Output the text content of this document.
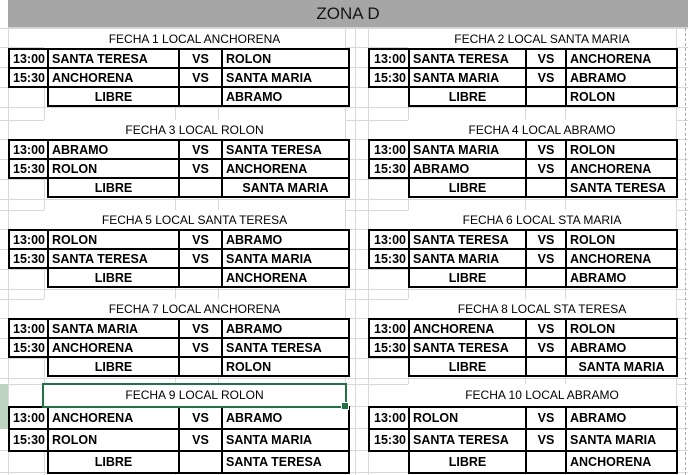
ZONA D
FECHA 1 LOCAL ANCHORENA
13:00	SANTA TERESA	VS	ROLON
15:30	ANCHORENA	VS	SANTA MARIA
	LIBRE		ABRAMO
FECHA 2 LOCAL SANTA MARIA
13:00	SANTA TERESA	VS	ANCHORENA
15:30	SANTA MARIA	VS	ABRAMO
	LIBRE		ROLON
FECHA 3 LOCAL ROLON
13:00	ABRAMO	VS	SANTA TERESA
15:30	ROLON	VS	ANCHORENA
	LIBRE		SANTA MARIA
FECHA 4 LOCAL ABRAMO
13:00	SANTA MARIA	VS	ROLON
15:30	ABRAMO	VS	ANCHORENA
	LIBRE		SANTA TERESA
FECHA 5 LOCAL SANTA TERESA
13:00	ROLON	VS	ABRAMO
15:30	SANTA TERESA	VS	SANTA MARIA
	LIBRE		ANCHORENA
FECHA 6 LOCAL STA MARIA
13:00	SANTA TERESA	VS	ROLON
15:30	SANTA MARIA	VS	ANCHORENA
	LIBRE		ABRAMO
FECHA 7 LOCAL ANCHORENA
13:00	SANTA MARIA	VS	ABRAMO
15:30	ANCHORENA	VS	SANTA TERESA
	LIBRE		ROLON
FECHA 8 LOCAL STA TERESA
13:00	ANCHORENA	VS	ROLON
15:30	SANTA TERESA	VS	ABRAMO
	LIBRE		SANTA MARIA
FECHA 9 LOCAL ROLON
13:00	ANCHORENA	VS	ABRAMO
15:30	ROLON	VS	SANTA MARIA
	LIBRE		SANTA TERESA
FECHA 10 LOCAL ABRAMO
13:00	ROLON	VS	ABRAMO
15:30	SANTA TERESA	VS	SANTA MARIA
	LIBRE		ANCHORENA
